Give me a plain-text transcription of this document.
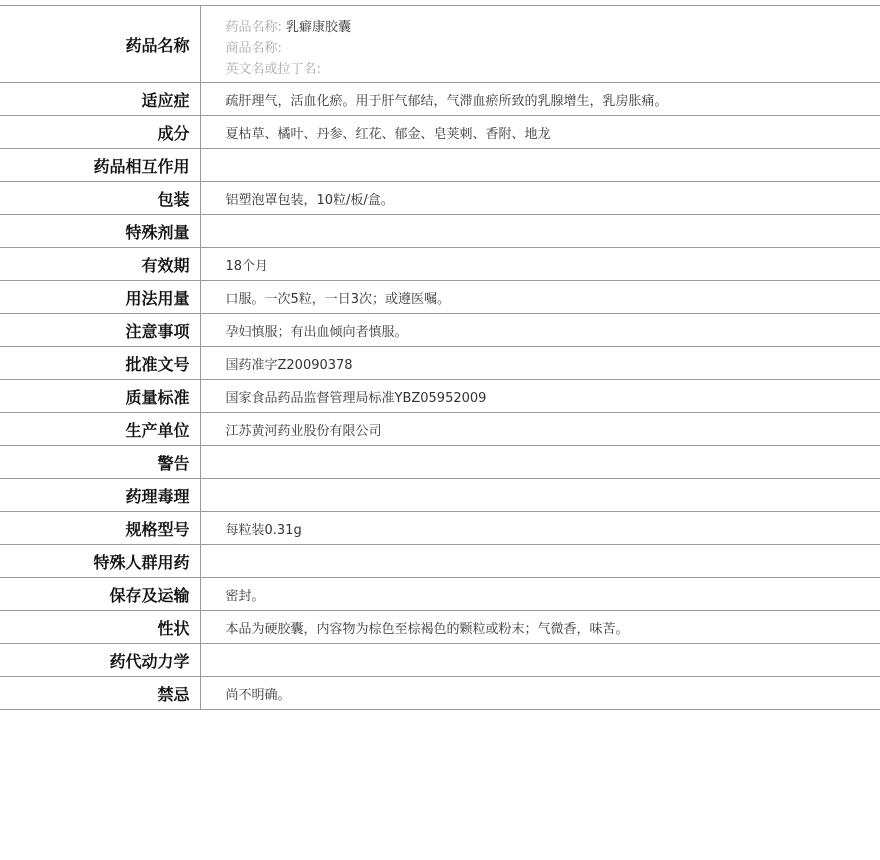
药品名称	药品名称: 乳癖康胶囊
商品名称:
英文名或拉丁名:

适应症	疏肝理气，活血化瘀。用于肝气郁结，气滞血瘀所致的乳腺增生，乳房胀痛。
成分	夏枯草、橘叶、丹参、红花、郁金、皂荚刺、香附、地龙
药品相互作用	
包装	铝塑泡罩包装，10粒/板/盒。
特殊剂量	
有效期	18个月
用法用量	口服。一次5粒，一日3次；或遵医嘱。
注意事项	孕妇慎服；有出血倾向者慎服。
批准文号	国药准字Z20090378
质量标准	国家食品药品监督管理局标准YBZ05952009
生产单位	江苏黄河药业股份有限公司
警告	
药理毒理	
规格型号	每粒装0.31g
特殊人群用药	
保存及运输	密封。
性状	本品为硬胶囊，内容物为棕色至棕褐色的颗粒或粉末；气微香，味苦。
药代动力学	
禁忌	尚不明确。
